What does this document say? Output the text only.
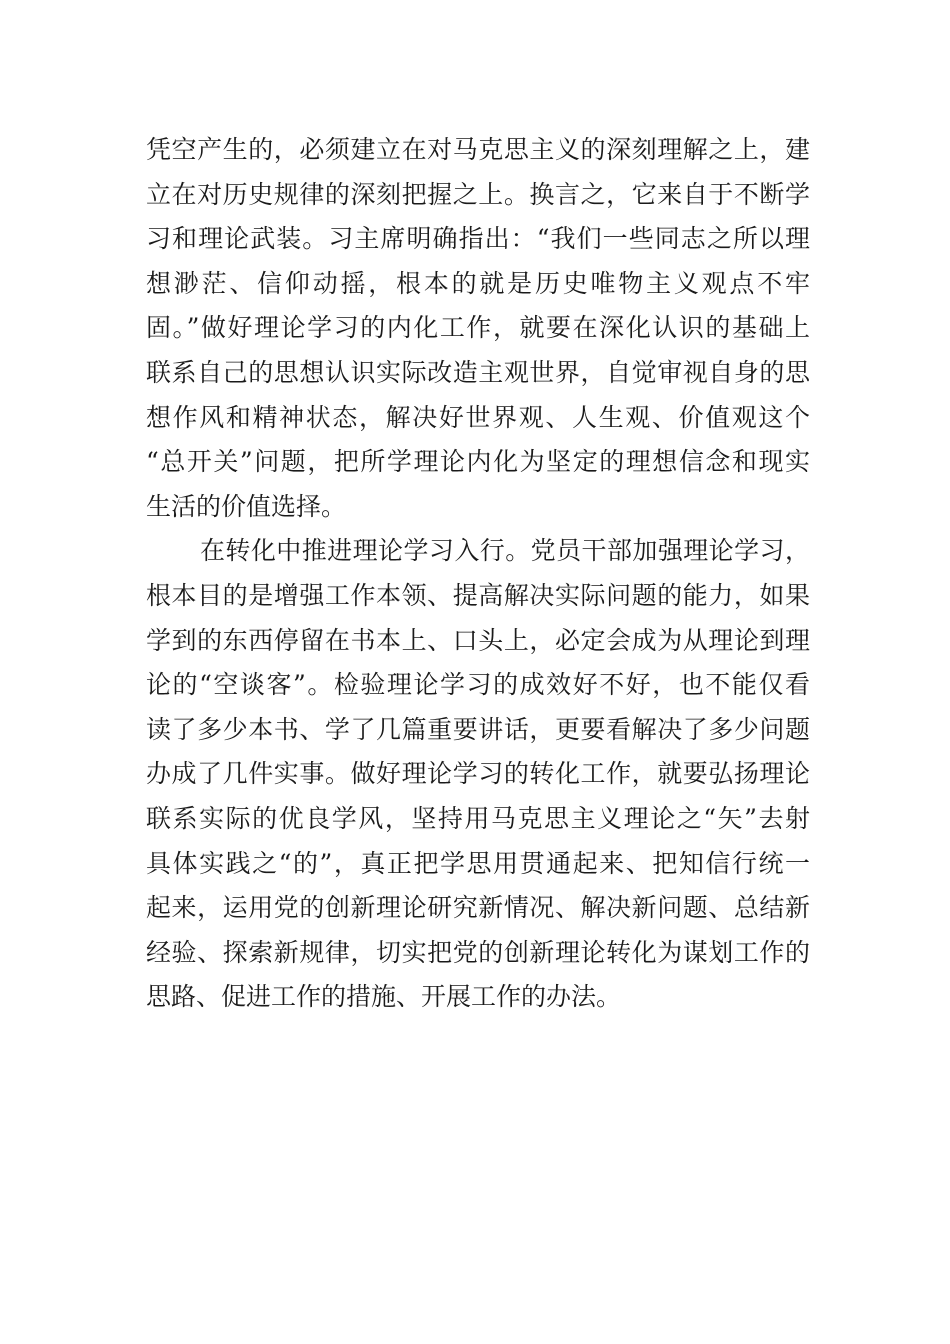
凭空产生的，必须建立在对马克思主义的深刻理解之上，建
立在对历史规律的深刻把握之上。换言之，它来自于不断学
习和理论武装。习主席明确指出：“我们一些同志之所以理
想渺茫、信仰动摇，根本的就是历史唯物主义观点不牢
固。”做好理论学习的内化工作，就要在深化认识的基础上
联系自己的思想认识实际改造主观世界，自觉审视自身的思
想作风和精神状态，解决好世界观、人生观、价值观这个
“总开关”问题，把所学理论内化为坚定的理想信念和现实
生活的价值选择。
在转化中推进理论学习入行。党员干部加强理论学习，
根本目的是增强工作本领、提高解决实际问题的能力，如果
学到的东西停留在书本上、口头上，必定会成为从理论到理
论的“空谈客”。检验理论学习的成效好不好，也不能仅看
读了多少本书、学了几篇重要讲话，更要看解决了多少问题
办成了几件实事。做好理论学习的转化工作，就要弘扬理论
联系实际的优良学风，坚持用马克思主义理论之“矢”去射
具体实践之“的”，真正把学思用贯通起来、把知信行统一
起来，运用党的创新理论研究新情况、解决新问题、总结新
经验、探索新规律，切实把党的创新理论转化为谋划工作的
思路、促进工作的措施、开展工作的办法。
